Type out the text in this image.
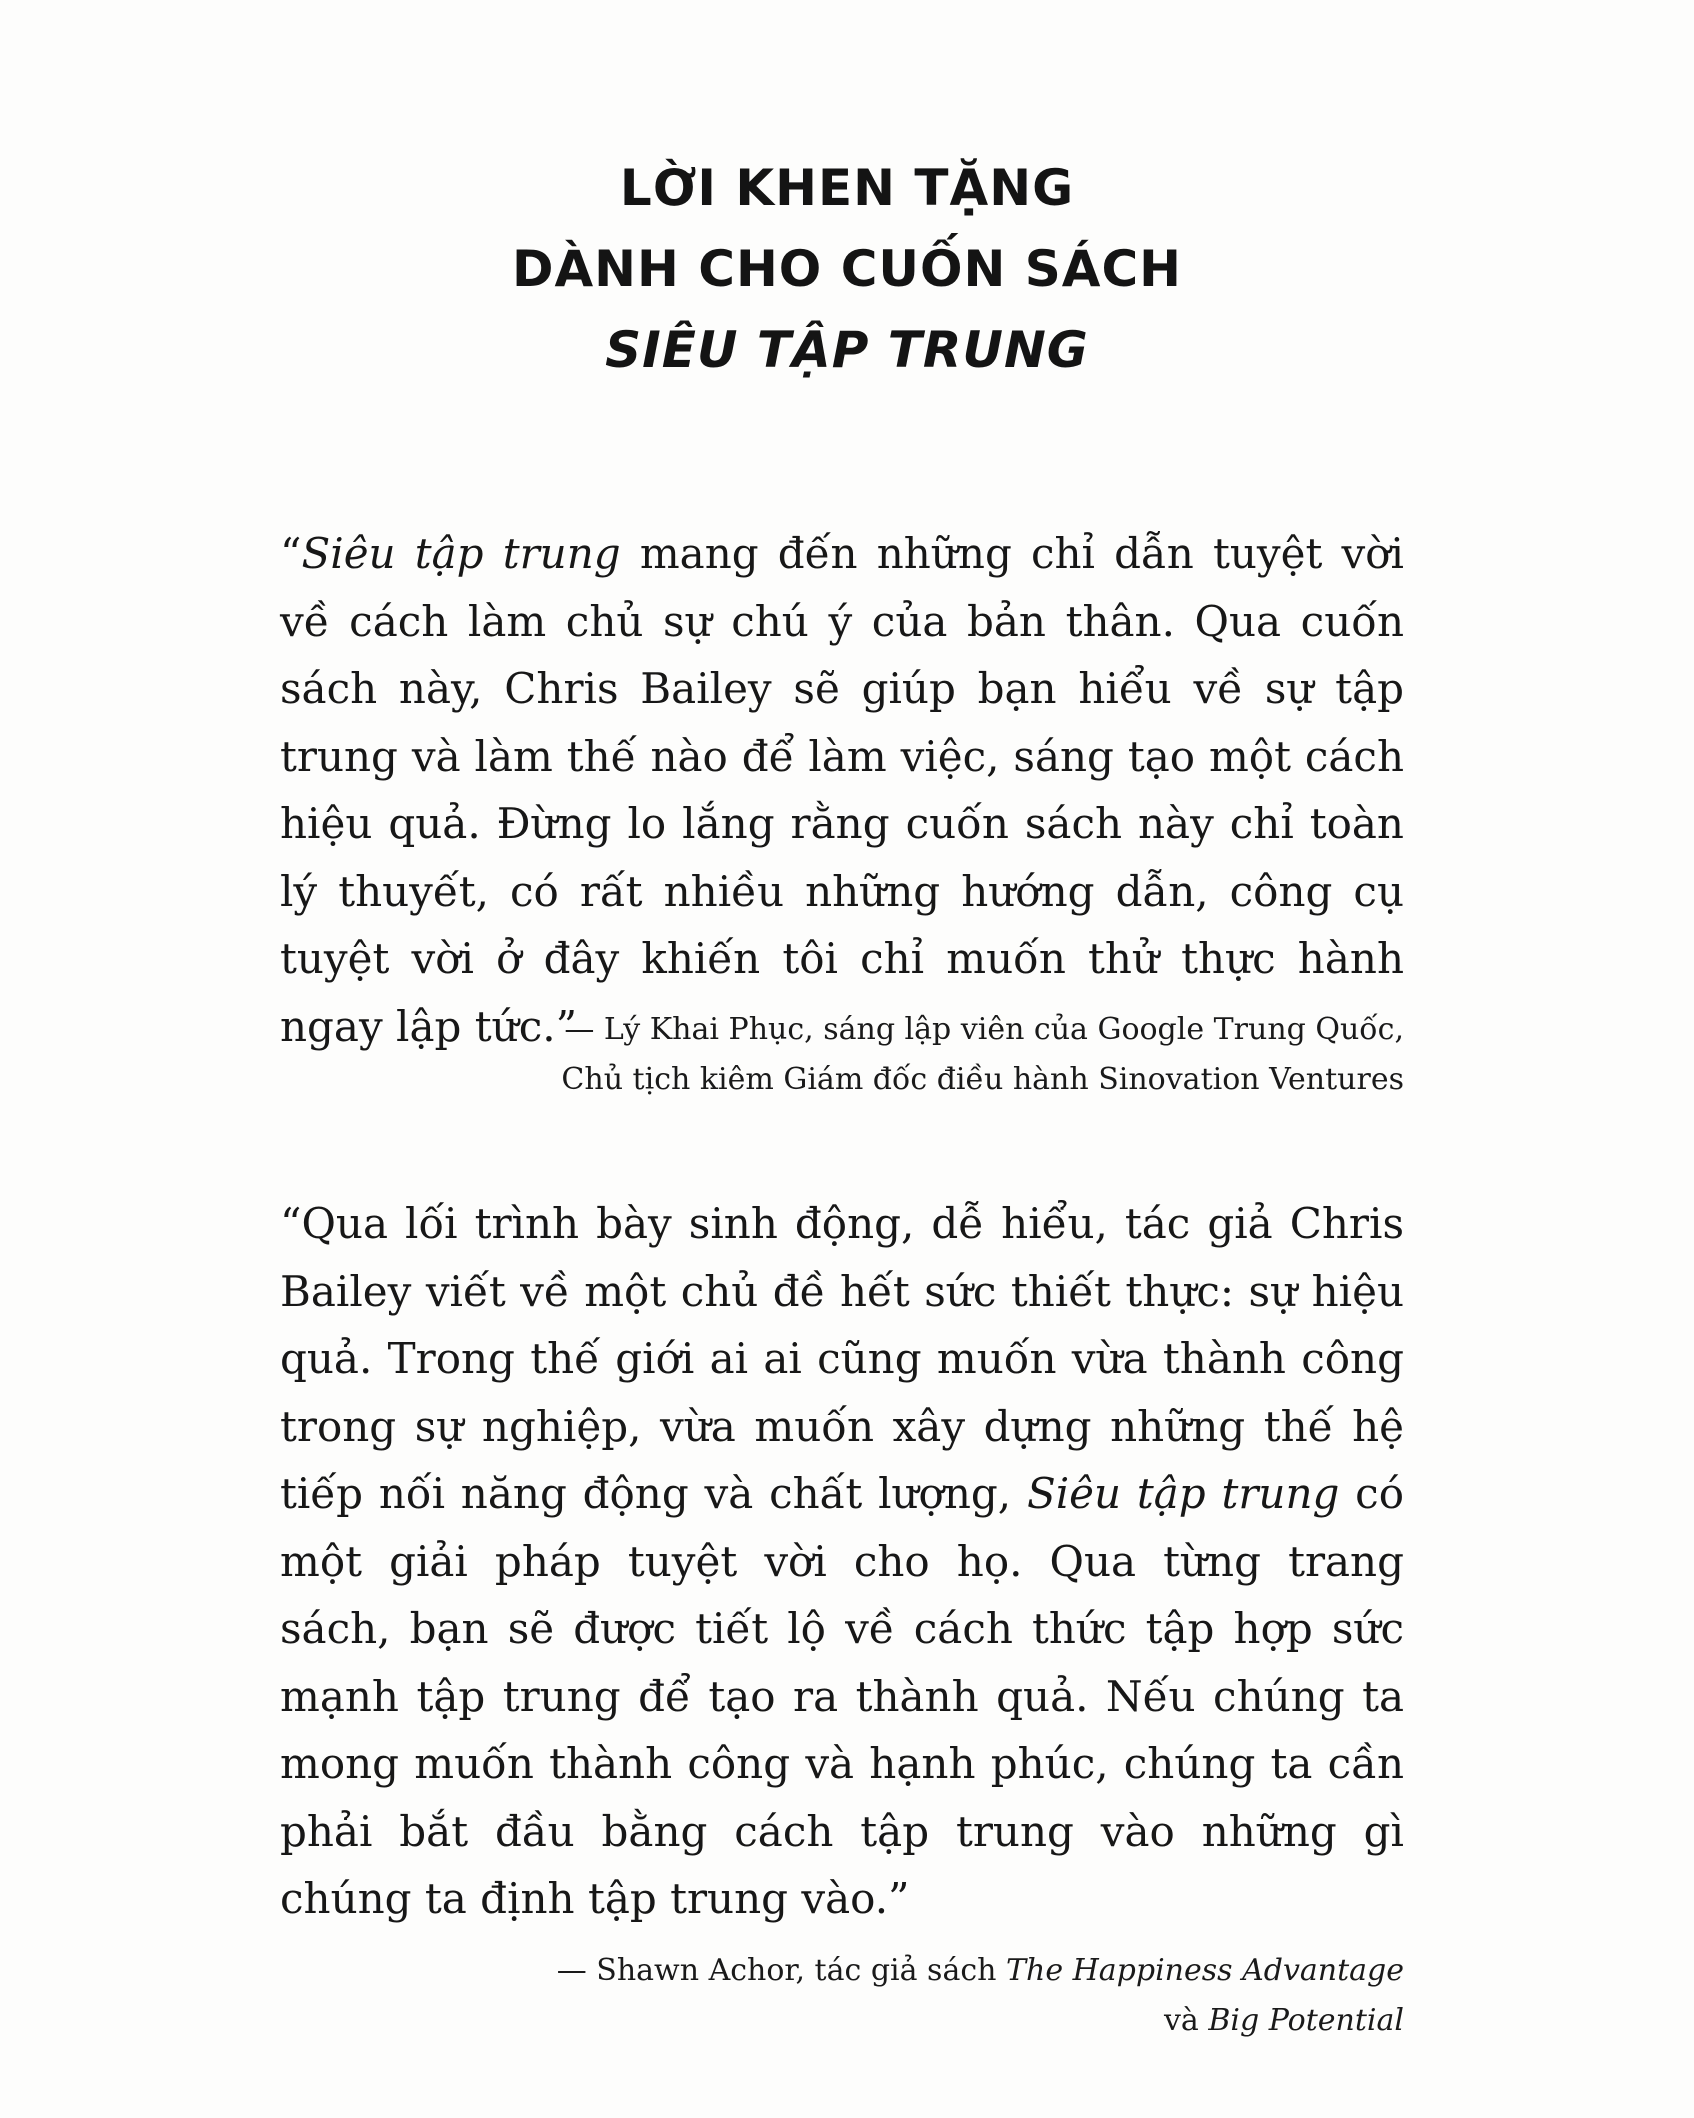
LỜI KHEN TẶNG
DÀNH CHO CUỐN SÁCH
SIÊU TẬP TRUNG

“Siêu tập trung mang đến những chỉ dẫn tuyệt vời về cách làm chủ sự chú ý của bản thân. Qua cuốn sách này, Chris Bailey sẽ giúp bạn hiểu về sự tập trung và làm thế nào để làm việc, sáng tạo một cách hiệu quả. Đừng lo lắng rằng cuốn sách này chỉ toàn lý thuyết, có rất nhiều những hướng dẫn, công cụ tuyệt vời ở đây khiến tôi chỉ muốn thử thực hành ngay lập tức.”

— Lý Khai Phục, sáng lập viên của Google Trung Quốc,
Chủ tịch kiêm Giám đốc điều hành Sinovation Ventures

“Qua lối trình bày sinh động, dễ hiểu, tác giả Chris Bailey viết về một chủ đề hết sức thiết thực: sự hiệu quả. Trong thế giới ai ai cũng muốn vừa thành công trong sự nghiệp, vừa muốn xây dựng những thế hệ tiếp nối năng động và chất lượng, Siêu tập trung có một giải pháp tuyệt vời cho họ. Qua từng trang sách, bạn sẽ được tiết lộ về cách thức tập hợp sức mạnh tập trung để tạo ra thành quả. Nếu chúng ta mong muốn thành công và hạnh phúc, chúng ta cần phải bắt đầu bằng cách tập trung vào những gì chúng ta định tập trung vào.”

— Shawn Achor, tác giả sách The Happiness Advantage
và Big Potential
